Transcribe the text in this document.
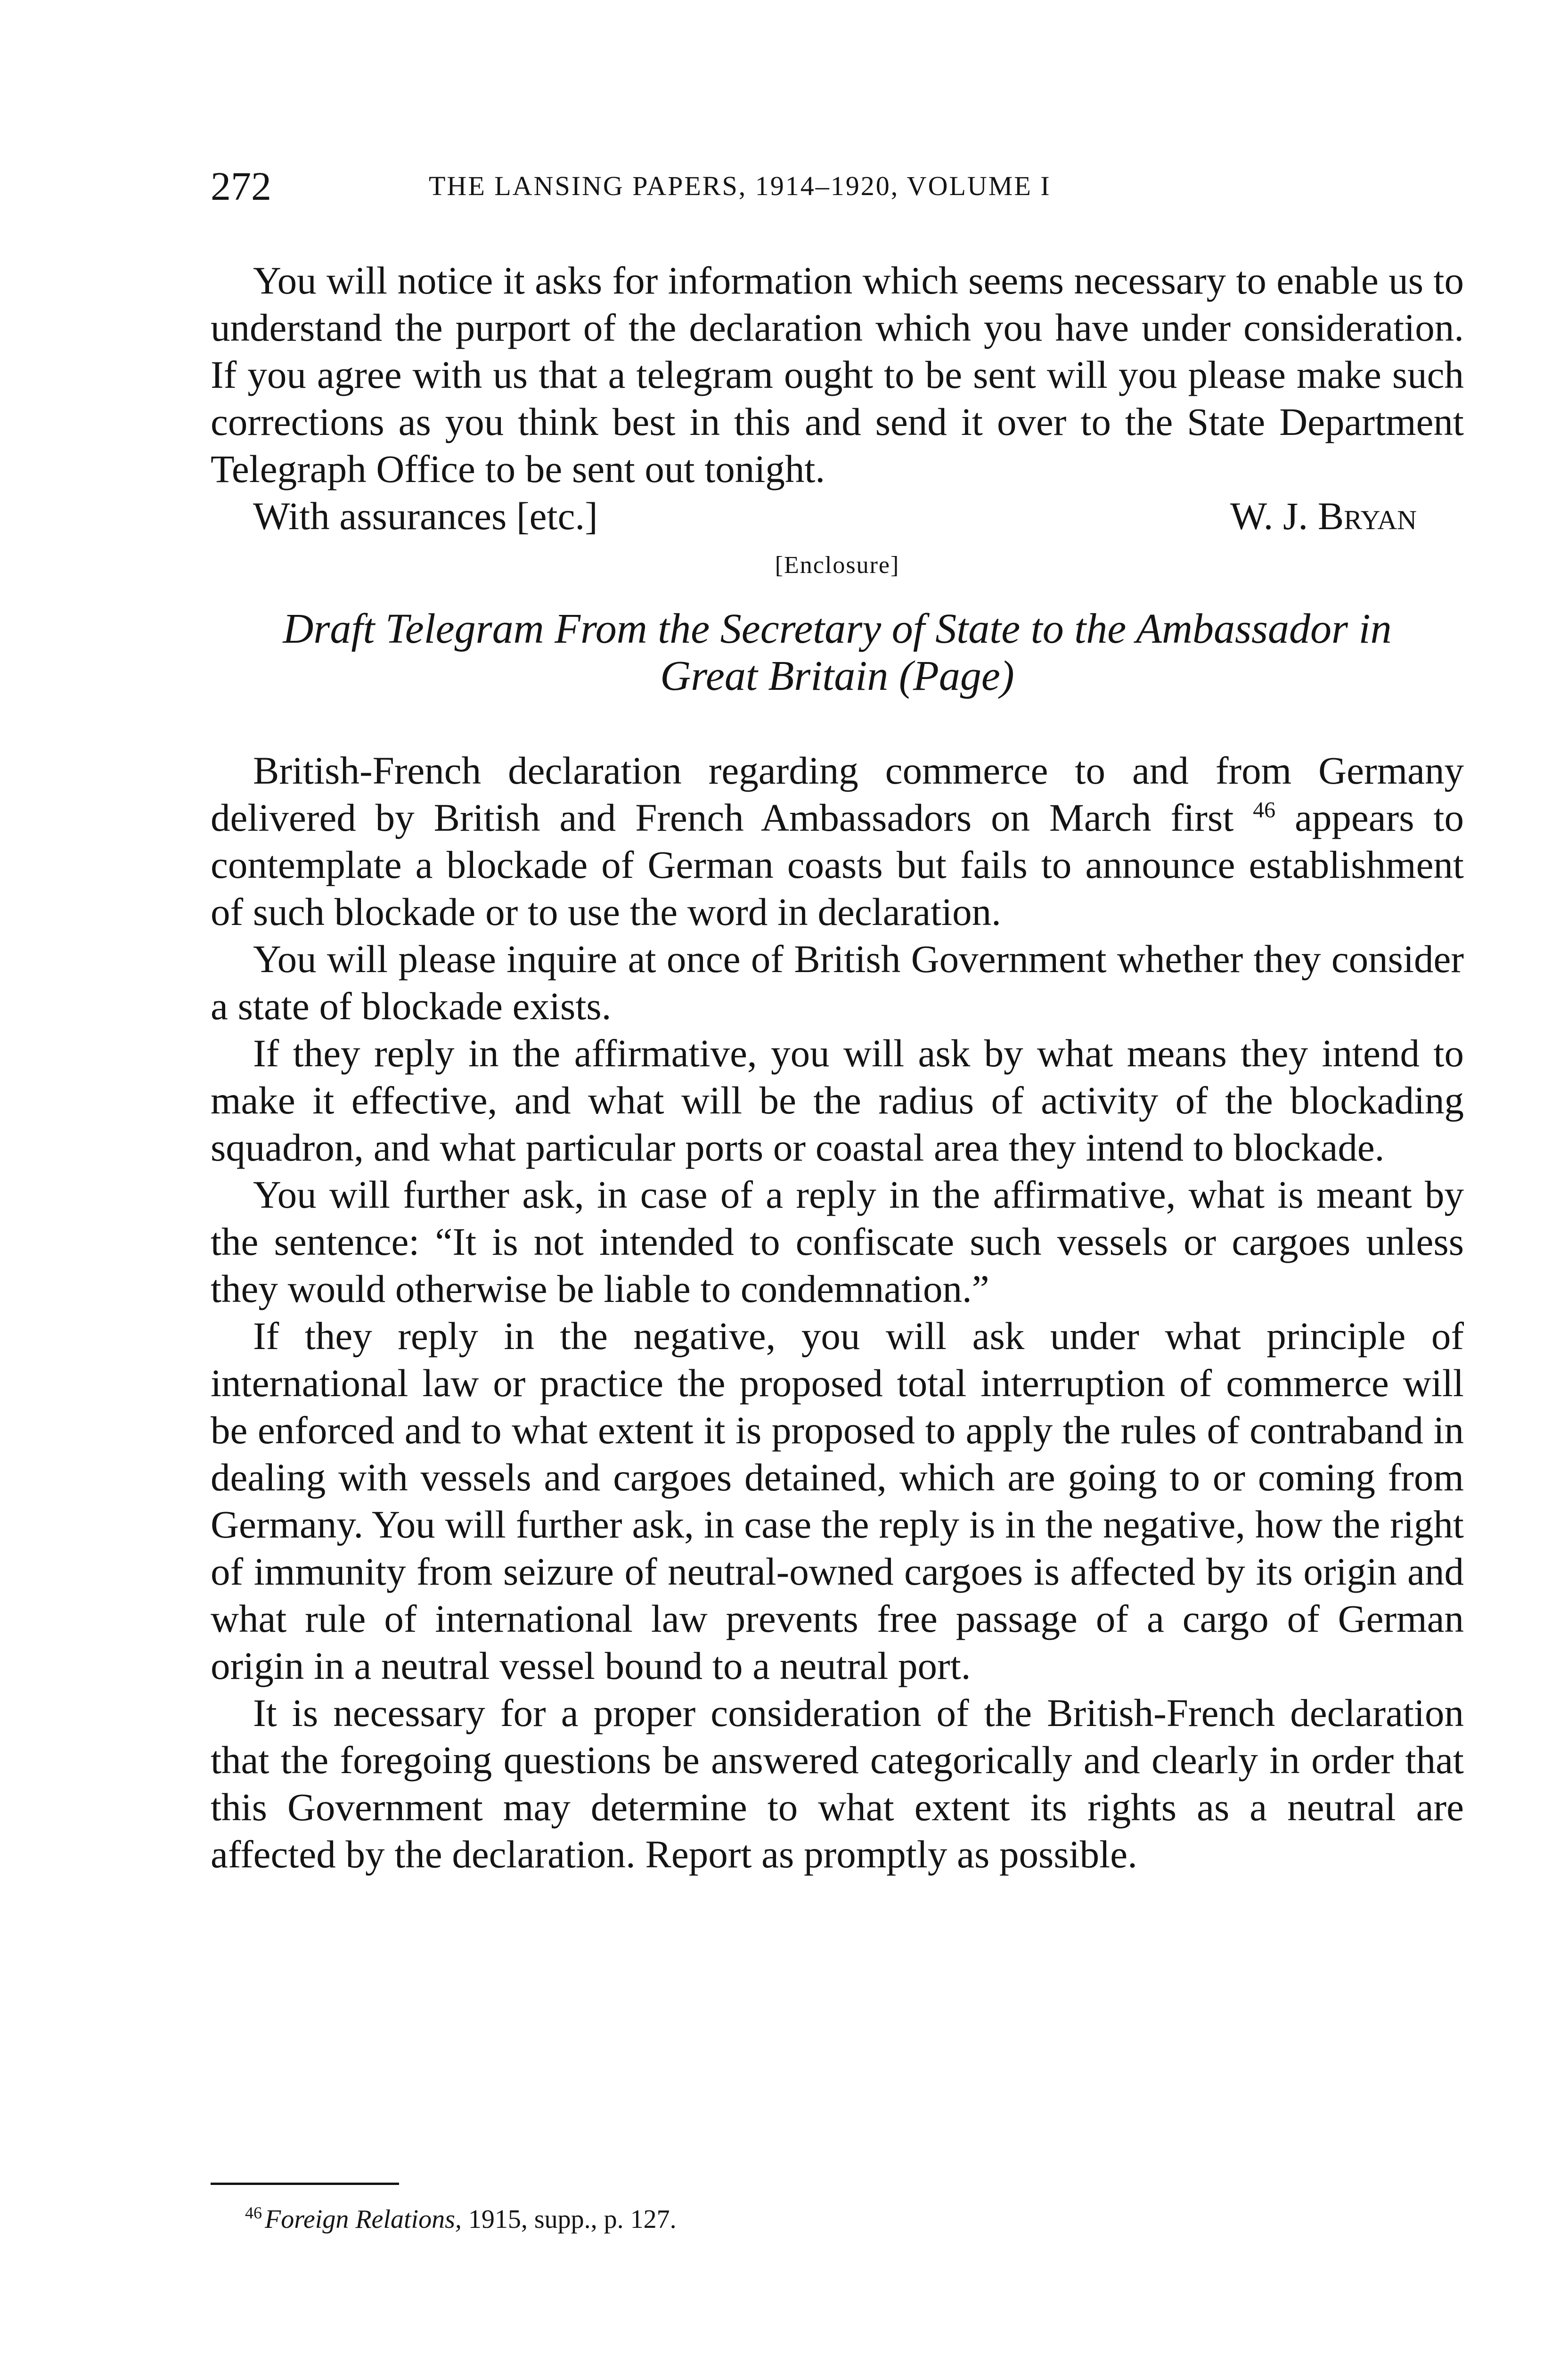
272	THE LANSING PAPERS, 1914–1920, VOLUME I

You will notice it asks for information which seems necessary to enable us to understand the purport of the declaration which you have under consideration. If you agree with us that a telegram ought to be sent will you please make such corrections as you think best in this and send it over to the State Department Telegraph Office to be sent out tonight.

With assurances [etc.]	W. J. Bryan
[Enclosure]
Draft Telegram From the Secretary of State to the Ambassador in
Great Britain (Page)

British-French declaration regarding commerce to and from Germany delivered by British and French Ambassadors on March first $^{46}$ appears to contemplate a blockade of German coasts but fails to announce establishment of such blockade or to use the word in declaration.

You will please inquire at once of British Government whether they consider a state of blockade exists.

If they reply in the affirmative, you will ask by what means they intend to make it effective, and what will be the radius of activity of the blockading squadron, and what particular ports or coastal area they intend to blockade.

You will further ask, in case of a reply in the affirmative, what is meant by the sentence: “It is not intended to confiscate such vessels or cargoes unless they would otherwise be liable to condemnation.”

If they reply in the negative, you will ask under what principle of international law or practice the proposed total interruption of commerce will be enforced and to what extent it is proposed to apply the rules of contraband in dealing with vessels and cargoes detained, which are going to or coming from Germany. You will further ask, in case the reply is in the negative, how the right of immunity from seizure of neutral-owned cargoes is affected by its origin and what rule of international law prevents free passage of a cargo of German origin in a neutral vessel bound to a neutral port.

It is necessary for a proper consideration of the British-French declaration that the foregoing questions be answered categorically and clearly in order that this Government may determine to what extent its rights as a neutral are affected by the declaration. Report as promptly as possible.

$^{46}$ Foreign Relations, 1915, supp., p. 127.
